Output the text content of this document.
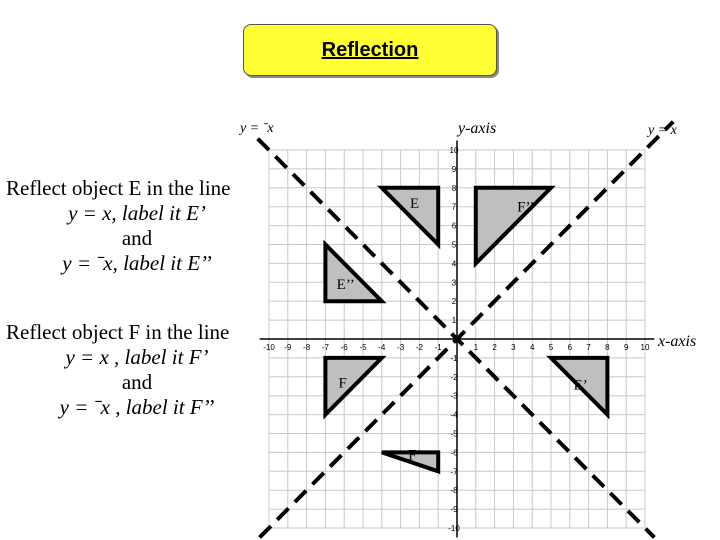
Reflection
Reflect object E in the line
y = x, label it E’
and
y = ˉx, label it E’’
Reflect object F in the line
y = x , label it F’
and
y = ˉx , label it F’’
y = ˉx	y-axis	y = x
x-axis
-10 -9 -8 -7 -6 -5 -4 -3 -2 -1	1 2 3 4 5 6 7 8 9 10
10
9
8
7
6
5
4
3
2
1
-1
-2
-3
-4
-5
-6
-7
-8
-9
-10
E	F’’
E’’
F	E’
F’
